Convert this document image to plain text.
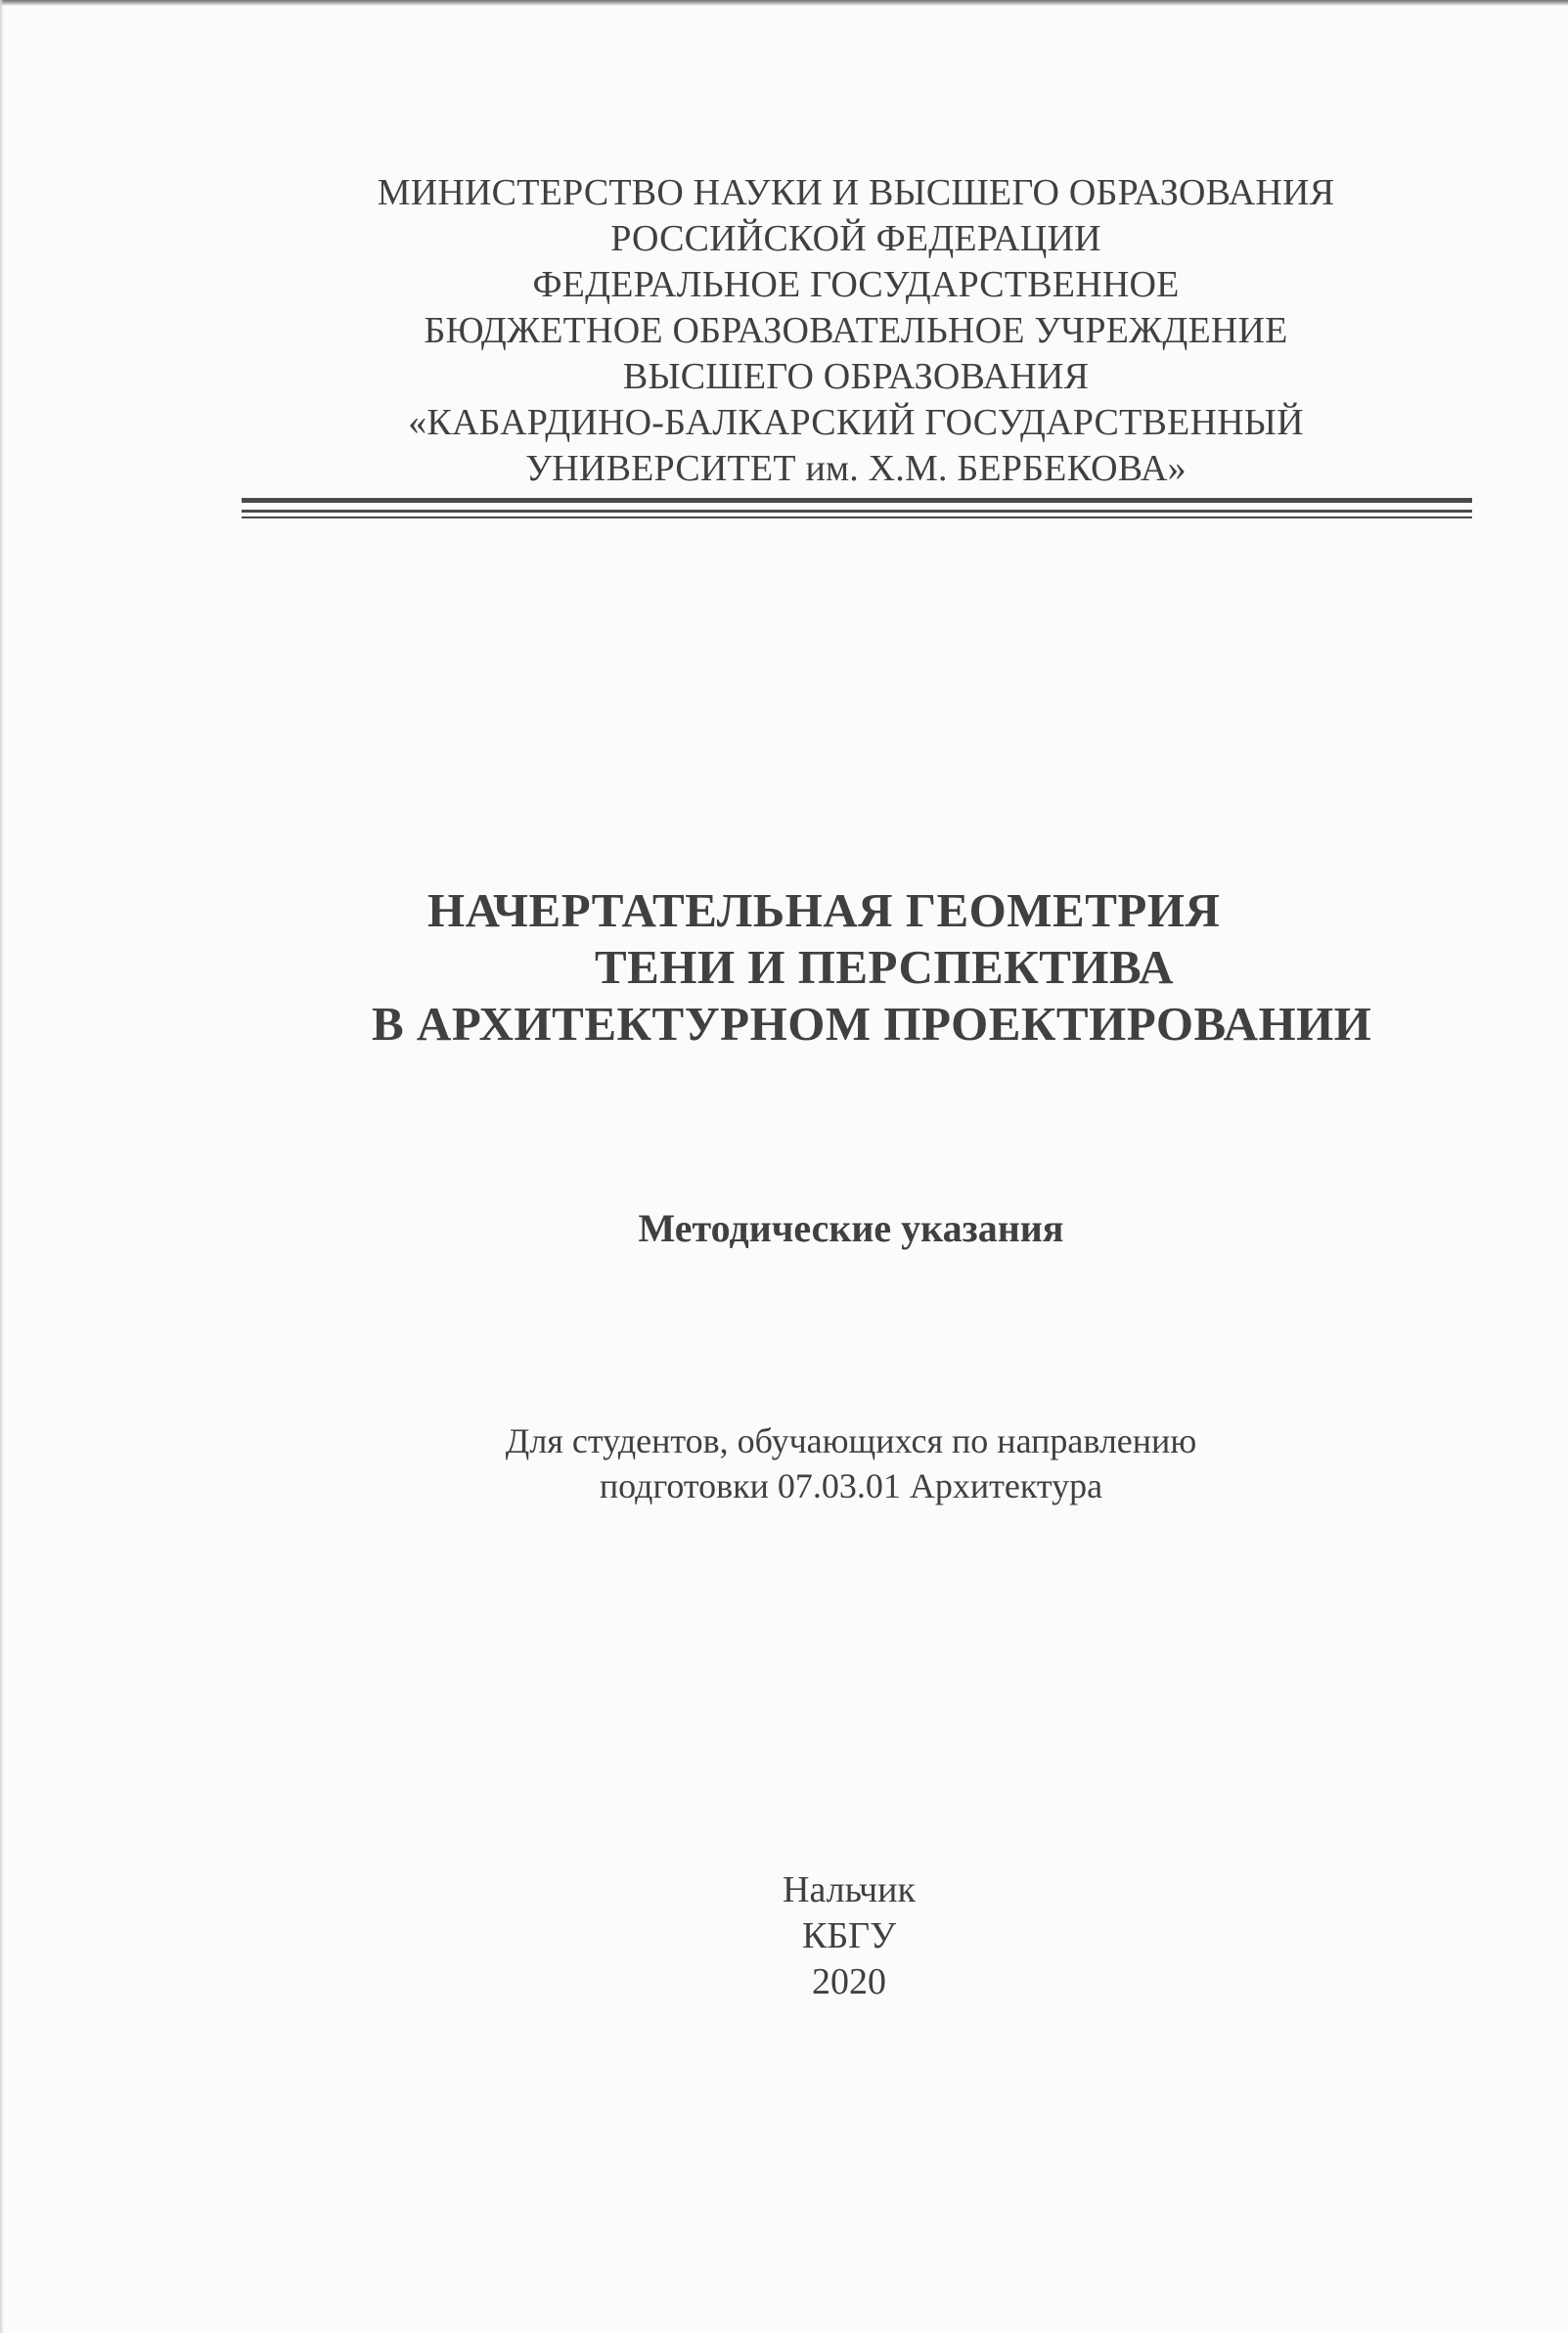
МИНИСТЕРСТВО НАУКИ И ВЫСШЕГО ОБРАЗОВАНИЯ
РОССИЙСКОЙ ФЕДЕРАЦИИ
ФЕДЕРАЛЬНОЕ ГОСУДАРСТВЕННОЕ
БЮДЖЕТНОЕ ОБРАЗОВАТЕЛЬНОЕ УЧРЕЖДЕНИЕ
ВЫСШЕГО ОБРАЗОВАНИЯ
«КАБАРДИНО-БАЛКАРСКИЙ ГОСУДАРСТВЕННЫЙ
УНИВЕРСИТЕТ им. Х.М. БЕРБЕКОВА»
НАЧЕРТАТЕЛЬНАЯ ГЕОМЕТРИЯ
ТЕНИ И ПЕРСПЕКТИВА
В АРХИТЕКТУРНОМ ПРОЕКТИРОВАНИИ
Методические указания
Для студентов, обучающихся по направлению
подготовки 07.03.01 Архитектура
Нальчик
КБГУ
2020
